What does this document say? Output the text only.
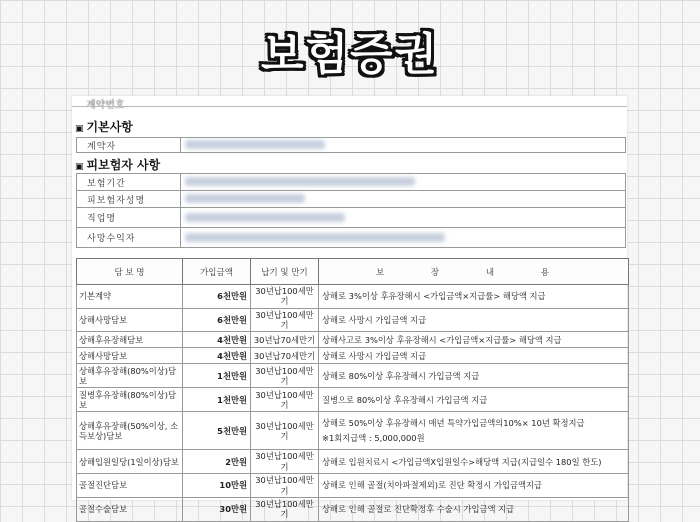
보험증권
계약번호
▣ 기본사항
계약자	
▣ 피보험자 사항
보험기간	
피보험자성명	
직업명	
사망수익자	
담 보 명	가입금액	납기 및 만기	보 장 내 용
기본계약	6천만원	30년납100세만기	상해로 3%이상 후유장해시 <가입금액×지급률> 해당액 지급
상해사망담보	6천만원	30년납100세만기	상해로 사망시 가입금액 지급
상해후유장해담보	4천만원	30년납70세만기	상해사고로 3%이상 후유장해시 <가입금액×지급률> 해당액 지급
상해사망담보	4천만원	30년납70세만기	상해로 사망시 가입금액 지급
상해후유장해(80%이상)담보	1천만원	30년납100세만기	상해로 80%이상 후유장해시 가입금액 지급
질병후유장해(80%이상)담보	1천만원	30년납100세만기	질병으로 80%이상 후유장해시 가입금액 지급
상해후유장해(50%이상, 소득보상)담보	5천만원	30년납100세만기	상해로 50%이상 후유장해시 매년 특약가입금액의10%× 10년 확정지급
※1회지급액 : 5,000,000원

상해입원일당(1일이상)담보	2만원	30년납100세만기	상해로 입원치료시 <가입금액X입원일수>해당액 지급(지급일수 180일 한도)
골절진단담보	10만원	30년납100세만기	상해로 인해 골절(치아파절제외)로 진단 확정시 가입금액지급
골절수술담보	30만원	30년납100세만기	상해로 인해 골절로 진단확정후 수술시 가입금액 지급
